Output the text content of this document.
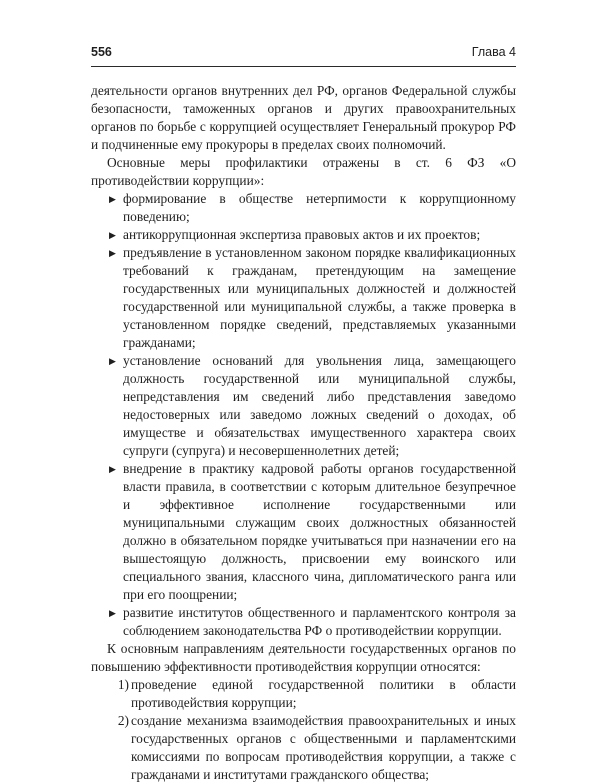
556	Глава 4

деятельности органов внутренних дел РФ, органов Федеральной службы безопасности, таможенных органов и других правоохранительных органов по борьбе с коррупцией осуществляет Генеральный прокурор РФ и подчиненные ему прокуроры в пределах своих полномочий.

Основные меры профилактики отражены в ст. 6 ФЗ «О противодействии коррупции»:

▶ формирование в обществе нетерпимости к коррупционному поведению;
▶ антикоррупционная экспертиза правовых актов и их проектов;
▶ предъявление в установленном законом порядке квалификационных требований к гражданам, претендующим на замещение государственных или муниципальных должностей и должностей государственной или муниципальной службы, а также проверка в установленном порядке сведений, представляемых указанными гражданами;
▶ установление оснований для увольнения лица, замещающего должность государственной или муниципальной службы, непредставления им сведений либо представления заведомо недостоверных или заведомо ложных сведений о доходах, об имуществе и обязательствах имущественного характера своих супруги (супруга) и несовершеннолетних детей;
▶ внедрение в практику кадровой работы органов государственной власти правила, в соответствии с которым длительное безупречное и эффективное исполнение государственными или муниципальными служащим своих должностных обязанностей должно в обязательном порядке учитываться при назначении его на вышестоящую должность, присвоении ему воинского или специального звания, классного чина, дипломатического ранга или при его поощрении;
▶ развитие институтов общественного и парламентского контроля за соблюдением законодательства РФ о противодействии коррупции.

К основным направлениям деятельности государственных органов по повышению эффективности противодействия коррупции относятся:

1) проведение единой государственной политики в области противодействия коррупции;
2) создание механизма взаимодействия правоохранительных и иных государственных органов с общественными и парламентскими комиссиями по вопросам противодействия коррупции, а также с гражданами и институтами гражданского общества;
